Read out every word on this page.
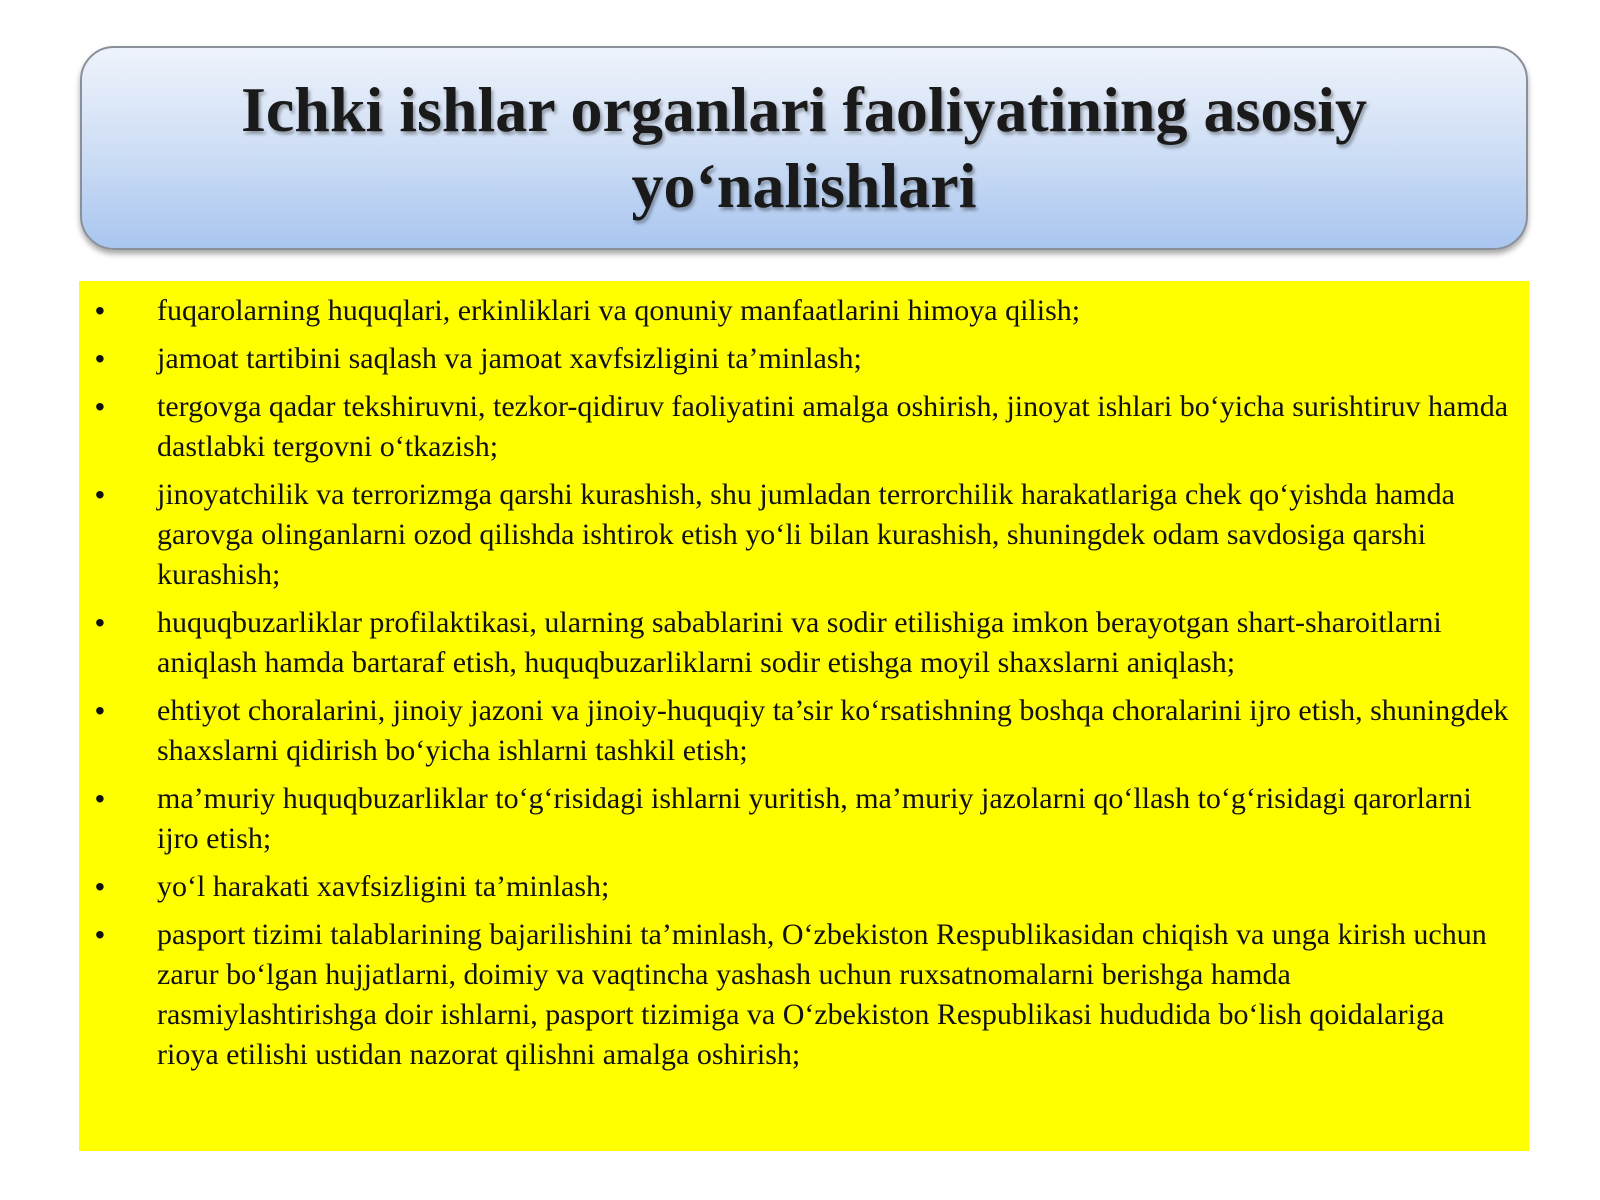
Ichki ishlar organlari faoliyatining asosiy
yo‘nalishlari
• fuqarolarning huquqlari, erkinliklari va qonuniy manfaatlarini himoya qilish;
• jamoat tartibini saqlash va jamoat xavfsizligini ta’minlash;
• tergovga qadar tekshiruvni, tezkor-qidiruv faoliyatini amalga oshirish, jinoyat ishlari bo‘yicha surishtiruv hamda dastlabki tergovni o‘tkazish;
• jinoyatchilik va terrorizmga qarshi kurashish, shu jumladan terrorchilik harakatlariga chek qo‘yishda hamda garovga olinganlarni ozod qilishda ishtirok etish yo‘li bilan kurashish, shuningdek odam savdosiga qarshi kurashish;
• huquqbuzarliklar profilaktikasi, ularning sabablarini va sodir etilishiga imkon berayotgan shart-sharoitlarni aniqlash hamda bartaraf etish, huquqbuzarliklarni sodir etishga moyil shaxslarni aniqlash;
• ehtiyot choralarini, jinoiy jazoni va jinoiy-huquqiy ta’sir ko‘rsatishning boshqa choralarini ijro etish, shuningdek shaxslarni qidirish bo‘yicha ishlarni tashkil etish;
• ma’muriy huquqbuzarliklar to‘g‘risidagi ishlarni yuritish, ma’muriy jazolarni qo‘llash to‘g‘risidagi qarorlarni ijro etish;
• yo‘l harakati xavfsizligini ta’minlash;
• pasport tizimi talablarining bajarilishini ta’minlash, O‘zbekiston Respublikasidan chiqish va unga kirish uchun zarur bo‘lgan hujjatlarni, doimiy va vaqtincha yashash uchun ruxsatnomalarni berishga hamda rasmiylashtirishga doir ishlarni, pasport tizimiga va O‘zbekiston Respublikasi hududida bo‘lish qoidalariga rioya etilishi ustidan nazorat qilishni amalga oshirish;
